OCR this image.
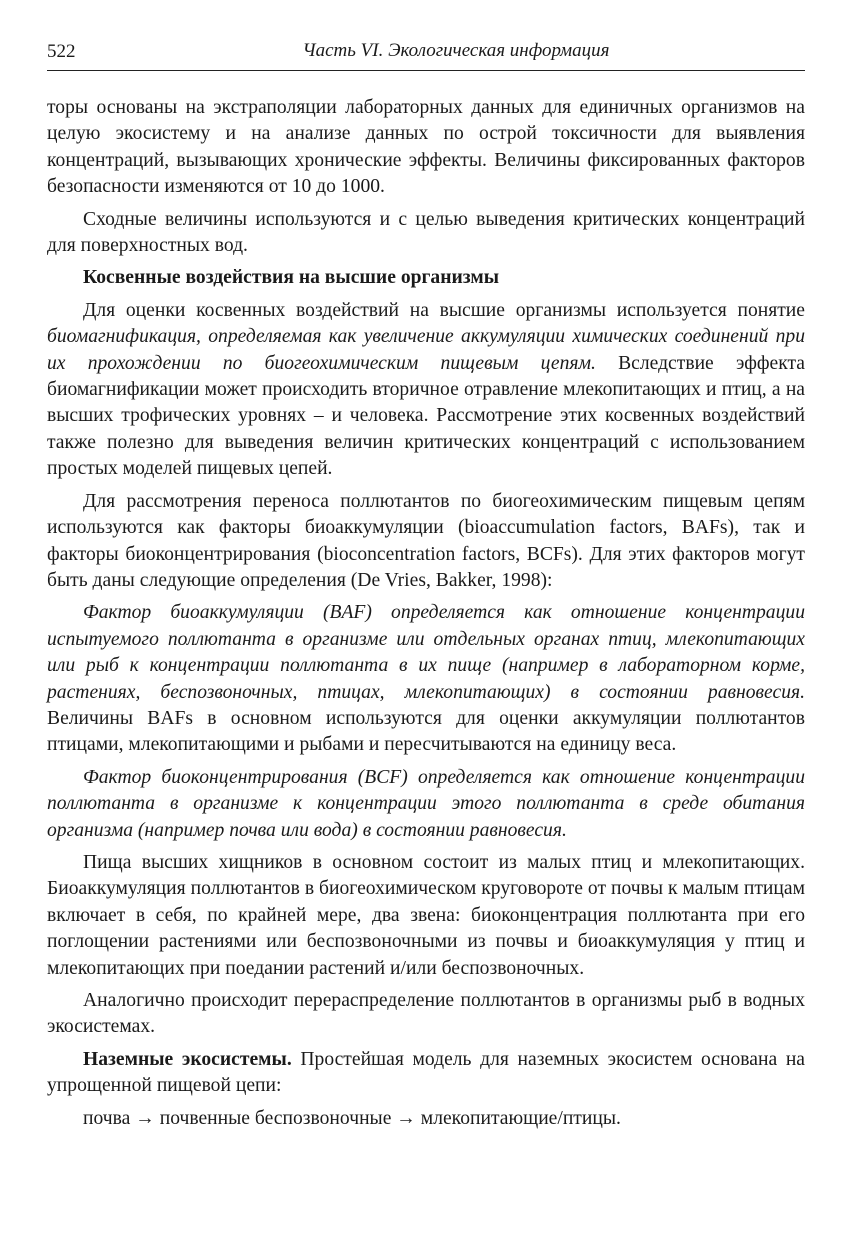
522	Часть VI. Экологическая информация

торы основаны на экстраполяции лабораторных данных для единичных организмов на целую экосистему и на анализе данных по острой токсичности для выявления концентраций, вызывающих хронические эффекты. Величины фиксированных факторов безопасности изменяются от 10 до 1000.

Сходные величины используются и с целью выведения критических концентраций для поверхностных вод.

Косвенные воздействия на высшие организмы

Для оценки косвенных воздействий на высшие организмы используется понятие биомагнификация, определяемая как увеличение аккумуляции химических соединений при их прохождении по биогеохимическим пищевым цепям. Вследствие эффекта биомагнификации может происходить вторичное отравление млекопитающих и птиц, а на высших трофических уровнях – и человека. Рассмотрение этих косвенных воздействий также полезно для выведения величин критических концентраций с использованием простых моделей пищевых цепей.

Для рассмотрения переноса поллютантов по биогеохимическим пищевым цепям используются как факторы биоаккумуляции (bioaccumulation factors, BAFs), так и факторы биоконцентрирования (bioconcentration factors, BCFs). Для этих факторов могут быть даны следующие определения (De Vries, Bakker, 1998):

Фактор биоаккумуляции (BAF) определяется как отношение концентрации испытуемого поллютанта в организме или отдельных органах птиц, млекопитающих или рыб к концентрации поллютанта в их пище (например в лабораторном корме, растениях, беспозвоночных, птицах, млекопитающих) в состоянии равновесия. Величины BAFs в основном используются для оценки аккумуляции поллютантов птицами, млекопитающими и рыбами и пересчитываются на единицу веса.

Фактор биоконцентрирования (BCF) определяется как отношение концентрации поллютанта в организме к концентрации этого поллютанта в среде обитания организма (например почва или вода) в состоянии равновесия.

Пища высших хищников в основном состоит из малых птиц и млекопитающих. Биоаккумуляция поллютантов в биогеохимическом круговороте от почвы к малым птицам включает в себя, по крайней мере, два звена: биоконцентрация поллютанта при его поглощении растениями или беспозвоночными из почвы и биоаккумуляция у птиц и млекопитающих при поедании растений и/или беспозвоночных.

Аналогично происходит перераспределение поллютантов в организмы рыб в водных экосистемах.

Наземные экосистемы. Простейшая модель для наземных экосистем основана на упрощенной пищевой цепи:

почва → почвенные беспозвоночные → млекопитающие/птицы.
